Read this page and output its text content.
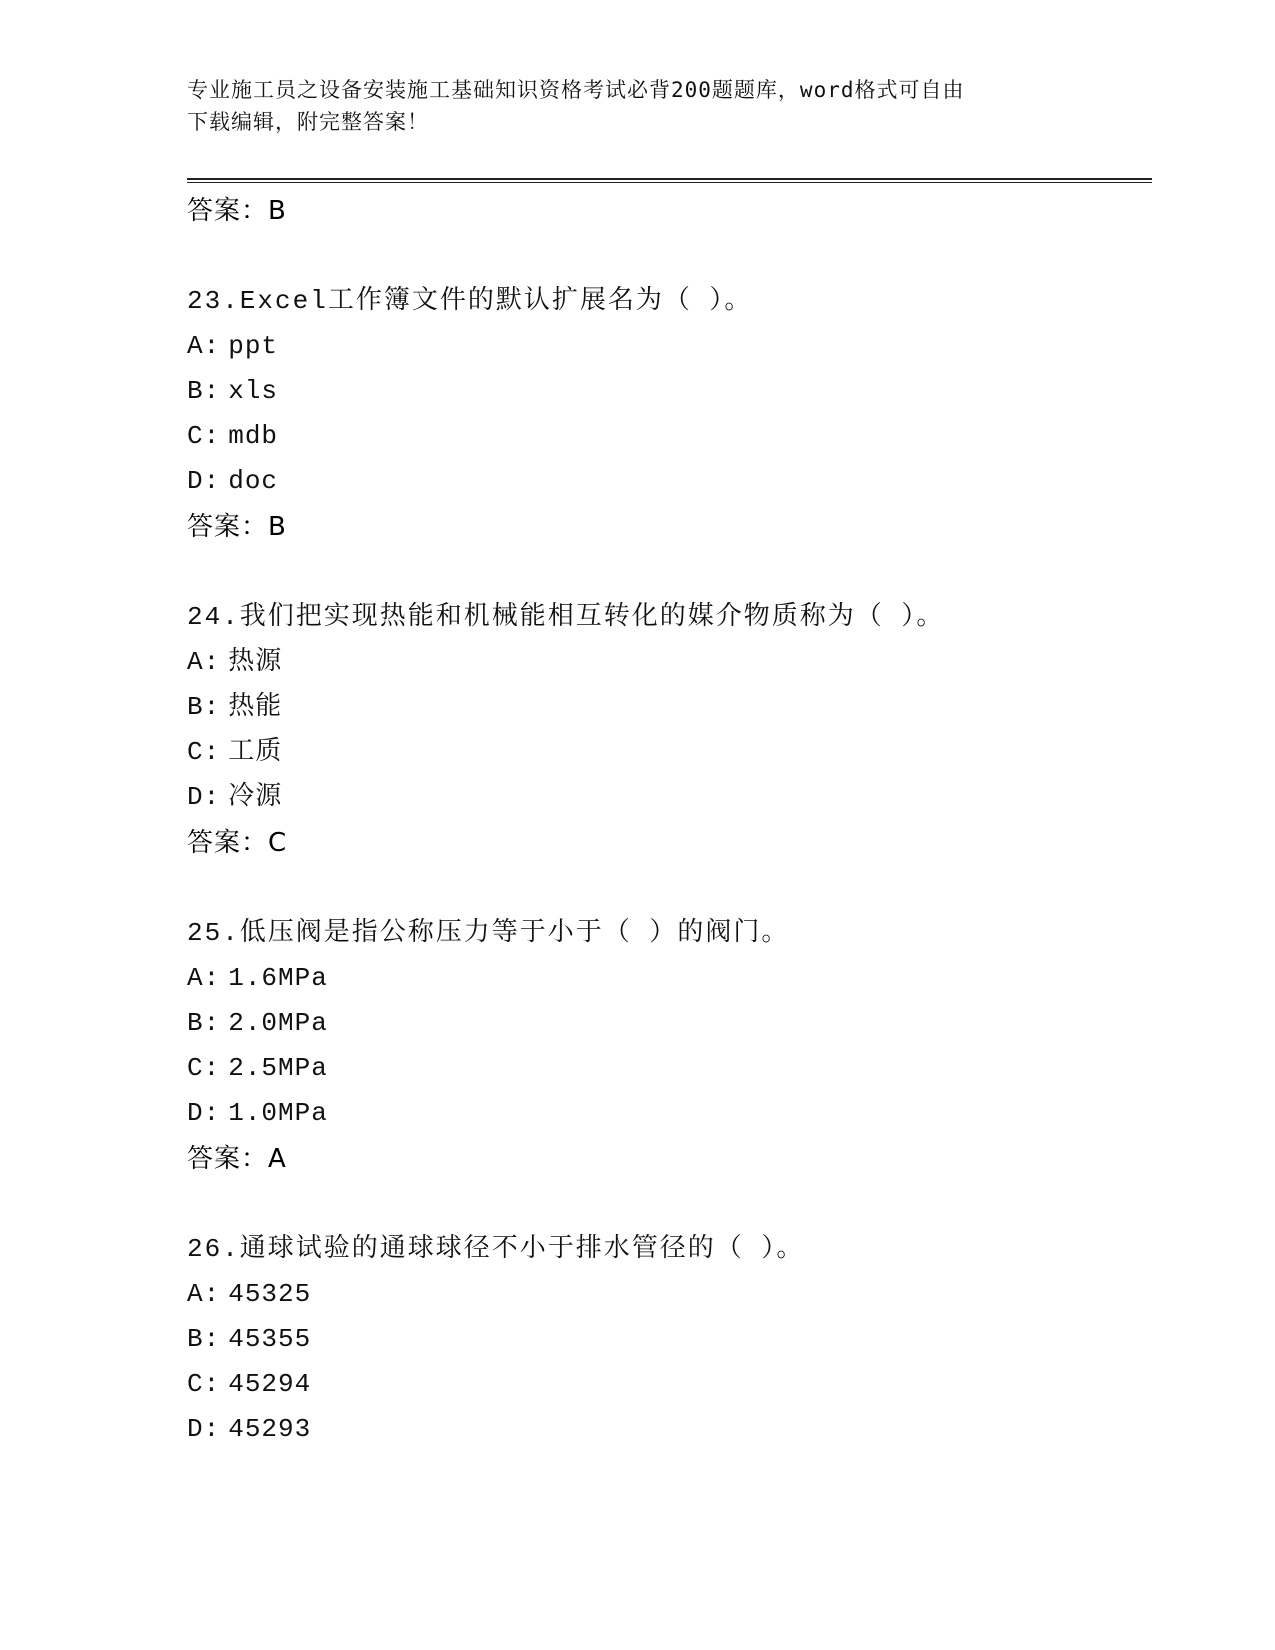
专业施工员之设备安装施工基础知识资格考试必背200题题库，word格式可自由
下载编辑，附完整答案！
答案：B
23.Excel工作簿文件的默认扩展名为（ ）。
A: ppt
B: xls
C: mdb
D: doc
答案：B
24.我们把实现热能和机械能相互转化的媒介物质称为（ ）。
A: 热源
B: 热能
C: 工质
D: 冷源
答案：C
25.低压阀是指公称压力等于小于（ ）的阀门。
A: 1.6MPa
B: 2.0MPa
C: 2.5MPa
D: 1.0MPa
答案：A
26.通球试验的通球球径不小于排水管径的（ ）。
A: 45325
B: 45355
C: 45294
D: 45293
